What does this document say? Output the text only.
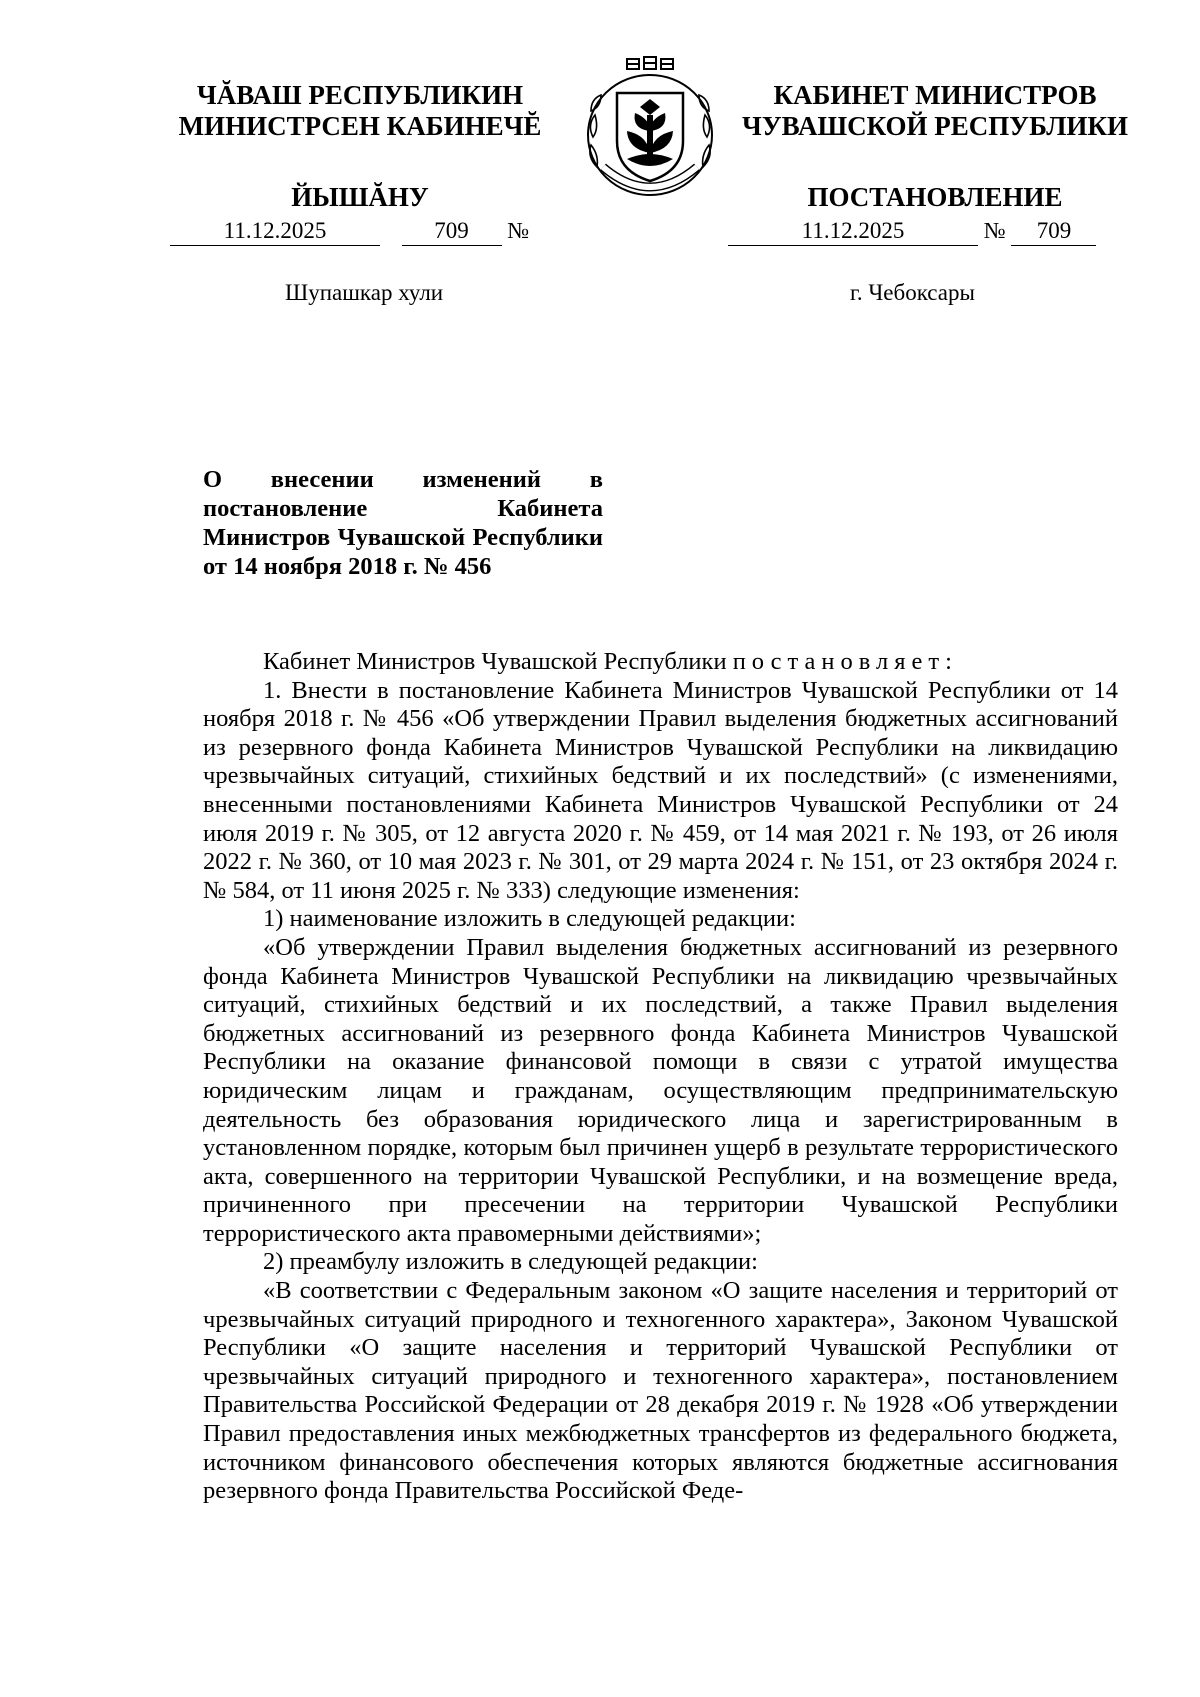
ЧĂВАШ РЕСПУБЛИКИН

МИНИСТРСЕН КАБИНЕЧĔ

ЙЫШĂНУ

КАБИНЕТ МИНИСТРОВ

ЧУВАШСКОЙ РЕСПУБЛИКИ

ПОСТАНОВЛЕНИЕ
11.12.2025	709 №	11.12.2025	№ 709
Шупашкар хули	г. Чебоксары

О внесении изменений в постановление Кабинета Министров Чувашской Республики от 14 ноября 2018 г. № 456

Кабинет Министров Чувашской Республики постановляет:

1. Внести в постановление Кабинета Министров Чувашской Республики от 14 ноября 2018 г. № 456 «Об утверждении Правил выделения бюджетных ассигнований из резервного фонда Кабинета Министров Чувашской Республики на ликвидацию чрезвычайных ситуаций, стихийных бедствий и их последствий» (с изменениями, внесенными постановлениями Кабинета Министров Чувашской Республики от 24 июля 2019 г. № 305, от 12 августа 2020 г. № 459, от 14 мая 2021 г. № 193, от 26 июля 2022 г. № 360, от 10 мая 2023 г. № 301, от 29 марта 2024 г. № 151, от 23 октября 2024 г. № 584, от 11 июня 2025 г. № 333) следующие изменения:

1) наименование изложить в следующей редакции:

«Об утверждении Правил выделения бюджетных ассигнований из резервного фонда Кабинета Министров Чувашской Республики на ликвидацию чрезвычайных ситуаций, стихийных бедствий и их последствий, а также Правил выделения бюджетных ассигнований из резервного фонда Кабинета Министров Чувашской Республики на оказание финансовой помощи в связи с утратой имущества юридическим лицам и гражданам, осуществляющим предпринимательскую деятельность без образования юридического лица и зарегистрированным в установленном порядке, которым был причинен ущерб в результате террористического акта, совершенного на территории Чувашской Республики, и на возмещение вреда, причиненного при пресечении на территории Чувашской Республики террористического акта правомерными действиями»;

2) преамбулу изложить в следующей редакции:

«В соответствии с Федеральным законом «О защите населения и территорий от чрезвычайных ситуаций природного и техногенного характера», Законом Чувашской Республики «О защите населения и территорий Чувашской Республики от чрезвычайных ситуаций природного и техногенного характера», постановлением Правительства Российской Федерации от 28 декабря 2019 г. № 1928 «Об утверждении Правил предоставления иных межбюджетных трансфертов из федерального бюджета, источником финансового обеспечения которых являются бюджетные ассигнования резервного фонда Правительства Российской Феде-
